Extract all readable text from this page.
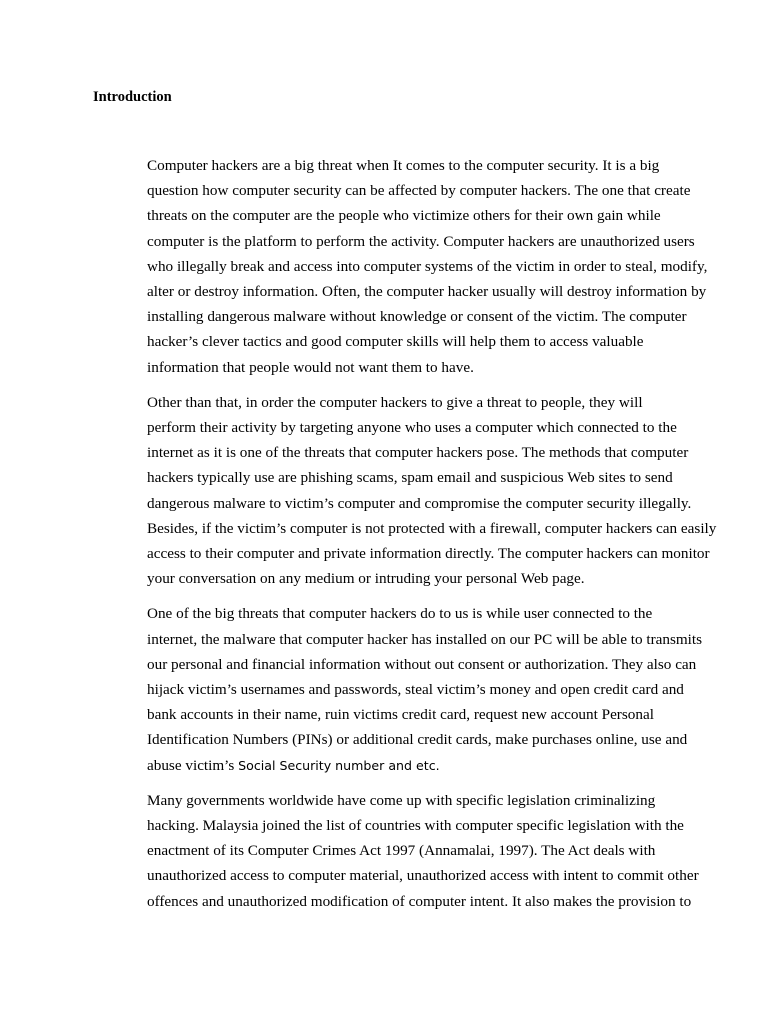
Introduction

Computer hackers are a big threat when It comes to the computer security. It is a big
question how computer security can be affected by computer hackers. The one that create
threats on the computer are the people who victimize others for their own gain while
computer is the platform to perform the activity. Computer hackers are unauthorized users
who illegally break and access into computer systems of the victim in order to steal, modify,
alter or destroy information. Often, the computer hacker usually will destroy information by
installing dangerous malware without knowledge or consent of the victim. The computer
hacker’s clever tactics and good computer skills will help them to access valuable
information that people would not want them to have.

Other than that, in order the computer hackers to give a threat to people, they will
perform their activity by targeting anyone who uses a computer which connected to the
internet as it is one of the threats that computer hackers pose. The methods that computer
hackers typically use are phishing scams, spam email and suspicious Web sites to send
dangerous malware to victim’s computer and compromise the computer security illegally.
Besides, if the victim’s computer is not protected with a firewall, computer hackers can easily
access to their computer and private information directly. The computer hackers can monitor
your conversation on any medium or intruding your personal Web page.

One of the big threats that computer hackers do to us is while user connected to the
internet, the malware that computer hacker has installed on our PC will be able to transmits
our personal and financial information without out consent or authorization. They also can
hijack victim’s usernames and passwords, steal victim’s money and open credit card and
bank accounts in their name, ruin victims credit card, request new account Personal
Identification Numbers (PINs) or additional credit cards, make purchases online, use and
abuse victim’s Social Security number and etc.

Many governments worldwide have come up with specific legislation criminalizing
hacking. Malaysia joined the list of countries with computer specific legislation with the
enactment of its Computer Crimes Act 1997 (Annamalai, 1997). The Act deals with
unauthorized access to computer material, unauthorized access with intent to commit other
offences and unauthorized modification of computer intent. It also makes the provision to
